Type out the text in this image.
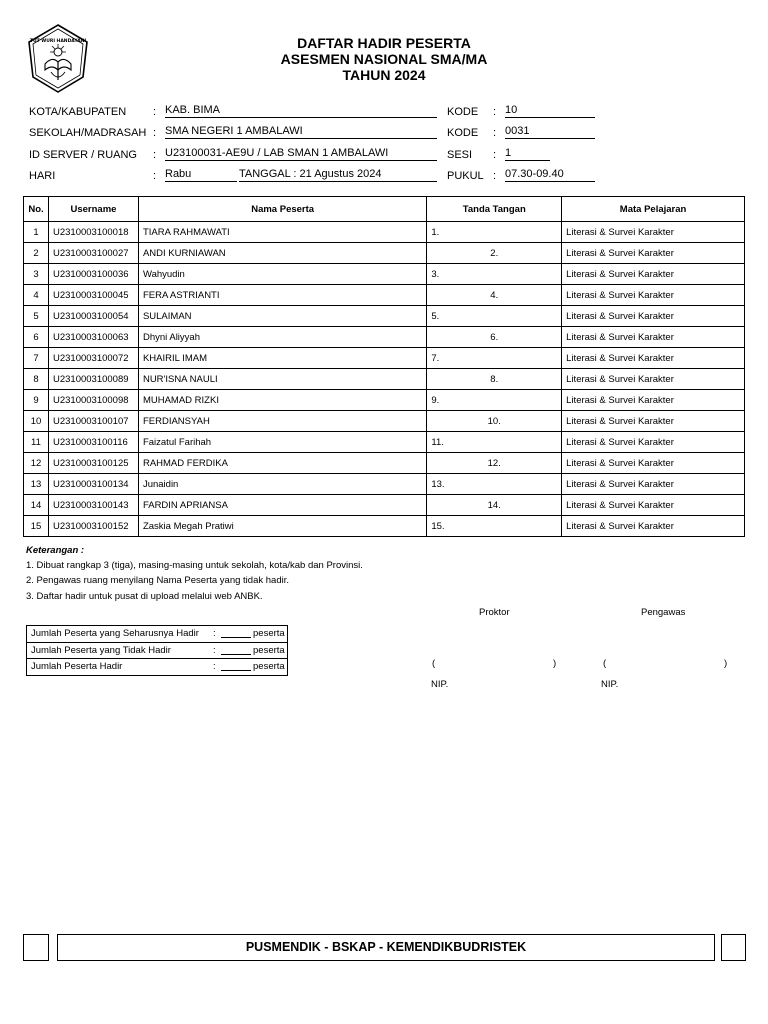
TUT WURI HANDAYANI	DAFTAR HADIR PESERTA
ASESMEN NASIONAL SMA/MA
TAHUN 2024
KOTA/KABUPATEN : KAB. BIMA
SEKOLAH/MADRASAH : SMA NEGERI 1 AMBALAWI
ID SERVER / RUANG : U23100031-AE9U / LAB SMAN 1 AMBALAWI
HARI	: Rabu	TANGGAL : 21 Agustus 2024
KODE : 10
KODE : 0031
SESI : 1
PUKUL : 07.30-09.40
No.	Username	Nama Peserta	Tanda Tangan	Mata Pelajaran
1	U2310003100018	TIARA RAHMAWATI	1.	Literasi & Survei Karakter
2	U2310003100027	ANDI KURNIAWAN	2.	Literasi & Survei Karakter
3	U2310003100036	Wahyudin	3.	Literasi & Survei Karakter
4	U2310003100045	FERA ASTRIANTI	4.	Literasi & Survei Karakter
5	U2310003100054	SULAIMAN	5.	Literasi & Survei Karakter
6	U2310003100063	Dhyni Aliyyah	6.	Literasi & Survei Karakter
7	U2310003100072	KHAIRIL IMAM	7.	Literasi & Survei Karakter
8	U2310003100089	NUR'ISNA NAULI	8.	Literasi & Survei Karakter
9	U2310003100098	MUHAMAD RIZKI	9.	Literasi & Survei Karakter
10	U2310003100107	FERDIANSYAH	10.	Literasi & Survei Karakter
11	U2310003100116	Faizatul Farihah	11.	Literasi & Survei Karakter
12	U2310003100125	RAHMAD FERDIKA	12.	Literasi & Survei Karakter
13	U2310003100134	Junaidin	13.	Literasi & Survei Karakter
14	U2310003100143	FARDIN APRIANSA	14.	Literasi & Survei Karakter
15	U2310003100152	Zaskia Megah Pratiwi	15.	Literasi & Survei Karakter
Keterangan :
1. Dibuat rangkap 3 (tiga), masing-masing untuk sekolah, kota/kab dan Provinsi.
2. Pengawas ruang menyilang Nama Peserta yang tidak hadir.
3. Daftar hadir untuk pusat di upload melalui web ANBK.
Jumlah Peserta yang Seharusnya Hadir :	peserta
Jumlah Peserta yang Tidak Hadir	:	peserta
Jumlah Peserta Hadir	:	peserta
Proktor	Pengawas
(	)	(	)
NIP.	NIP.
PUSMENDIK - BSKAP - KEMENDIKBUDRISTEK
